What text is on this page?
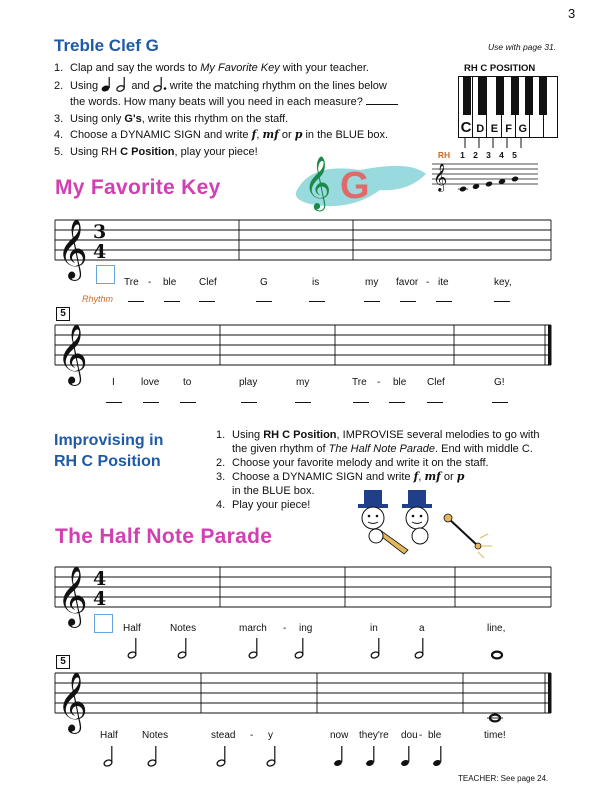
3
Use with page 31.
Treble Clef G
1. Clap and say the words to My Favorite Key with your teacher.
2. Using	and write the matching rhythm on the lines below
the words. How many beats will you need in each measure?
3. Using only G's, write this rhythm on the staff.
4. Choose a DYNAMIC SIGN and write f, mf or p in the BLUE box.
5. Using RH C Position, play your piece!
RH C POSITION
C D E F G
RH 1 2 3 4 5
𝄞
My Favorite Key 𝄞 G
𝄞 3
4
Tre - ble Clef	G	is	my favor - ite	key,
Rhythm
5
𝄞 I	love to	play	my	Tre - ble Clef	G!
Improvising in
RH C Position
1. Using RH C Position, IMPROVISE several melodies to go with
the given rhythm of The Half Note Parade. End with middle C.
2. Choose your favorite melody and write it on the staff.
3. Choose a DYNAMIC SIGN and write f, mf or p
in the BLUE box.
4. Play your piece!
The Half Note Parade
𝄞 4
4
Half	Notes	march - ing	in	a	line,
5
𝄞
Half Notes	stead - y	now they're dou - ble	time!
TEACHER: See page 24.
